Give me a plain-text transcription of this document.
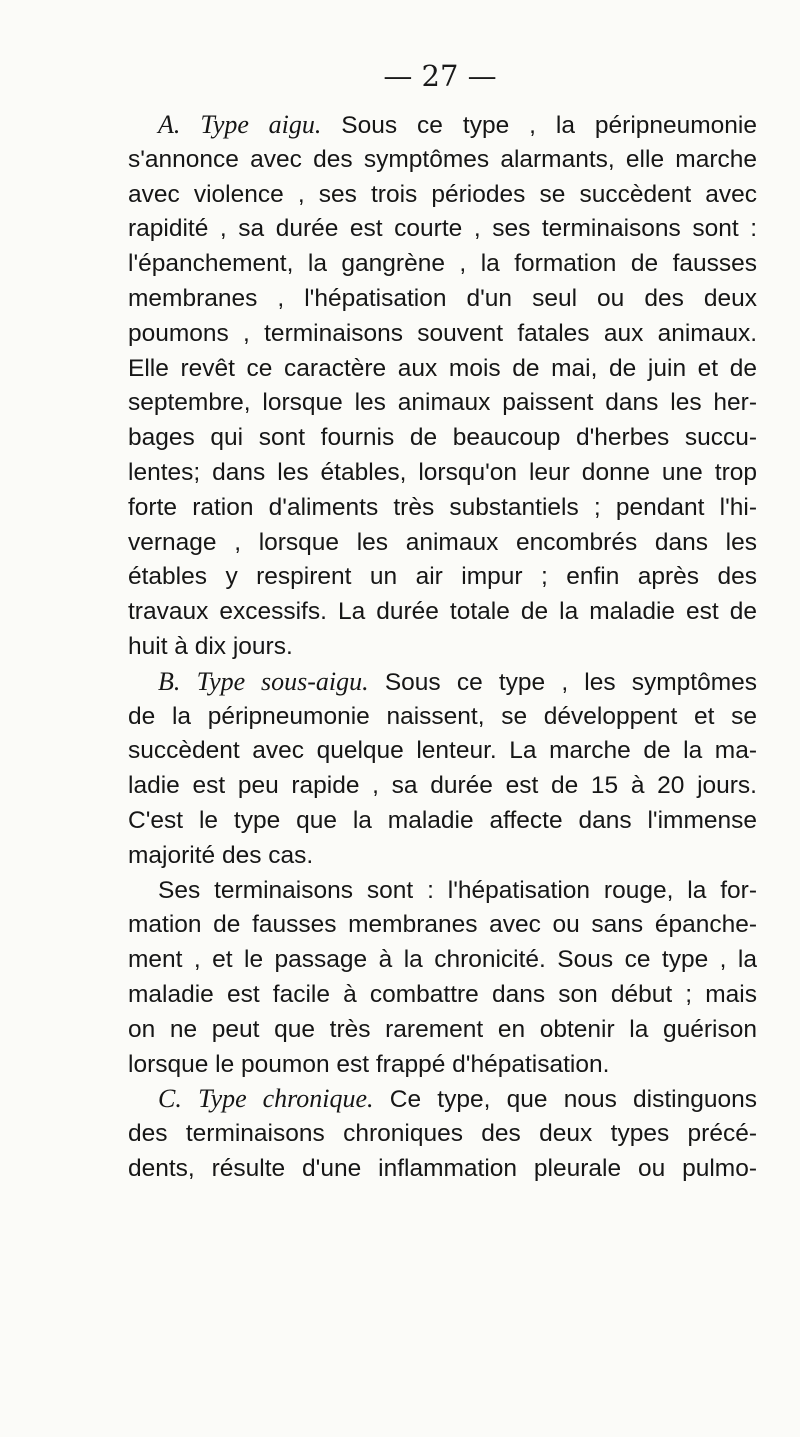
— 27 —

A. Type aigu. Sous ce type , la péripneumonie
s'annonce avec des symptômes alarmants, elle marche
avec violence , ses trois périodes se succèdent avec
rapidité , sa durée est courte , ses terminaisons sont :
l'épanchement, la gangrène , la formation de fausses
membranes , l'hépatisation d'un seul ou des deux
poumons , terminaisons souvent fatales aux animaux.
Elle revêt ce caractère aux mois de mai, de juin et de
septembre, lorsque les animaux paissent dans les her-
bages qui sont fournis de beaucoup d'herbes succu-
lentes; dans les étables, lorsqu'on leur donne une trop
forte ration d'aliments très substantiels ; pendant l'hi-
vernage , lorsque les animaux encombrés dans les
étables y respirent un air impur ; enfin après des
travaux excessifs. La durée totale de la maladie est de
huit à dix jours.

B. Type sous-aigu. Sous ce type , les symptômes
de la péripneumonie naissent, se développent et se
succèdent avec quelque lenteur. La marche de la ma-
ladie est peu rapide , sa durée est de 15 à 20 jours.
C'est le type que la maladie affecte dans l'immense
majorité des cas.

Ses terminaisons sont : l'hépatisation rouge, la for-
mation de fausses membranes avec ou sans épanche-
ment , et le passage à la chronicité. Sous ce type , la
maladie est facile à combattre dans son début ; mais
on ne peut que très rarement en obtenir la guérison
lorsque le poumon est frappé d'hépatisation.

C. Type chronique. Ce type, que nous distinguons
des terminaisons chroniques des deux types précé-
dents, résulte d'une inflammation pleurale ou pulmo-
